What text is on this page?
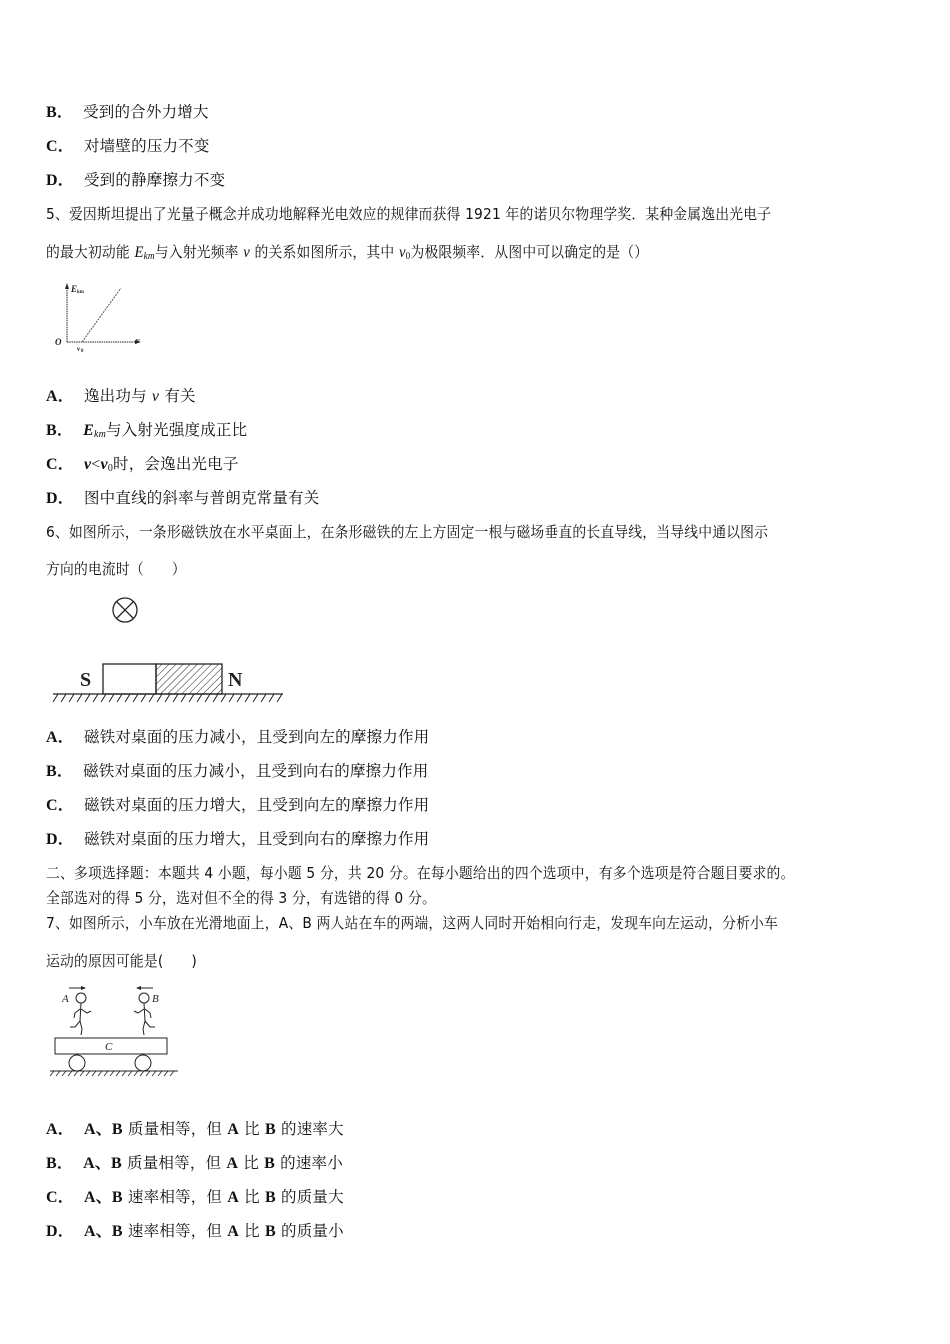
B． 受到的合外力增大
C． 对墙壁的压力不变
D． 受到的静摩擦力不变
5、爱因斯坦提出了光量子概念并成功地解释光电效应的规律而获得 1921 年的诺贝尔物理学奖．某种金属逸出光电子
的最大初动能 $E_{km}$与入射光频率 v 的关系如图所示，其中 v0为极限频率．从图中可以确定的是（）
E km
O
v 0
v
A． 逸出功与 v 有关
B． $E_{km}$与入射光强度成正比
C． v<v0时，会逸出光电子
D． 图中直线的斜率与普朗克常量有关
6、如图所示，一条形磁铁放在水平桌面上，在条形磁铁的左上方固定一根与磁场垂直的长直导线，当导线中通以图示
方向的电流时（　　）
S	N
A． 磁铁对桌面的压力减小，且受到向左的摩擦力作用
B． 磁铁对桌面的压力减小，且受到向右的摩擦力作用
C． 磁铁对桌面的压力增大，且受到向左的摩擦力作用
D． 磁铁对桌面的压力增大，且受到向右的摩擦力作用
二、多项选择题：本题共 4 小题，每小题 5 分，共 20 分。在每小题给出的四个选项中，有多个选项是符合题目要求的。
全部选对的得 5 分，选对但不全的得 3 分，有选错的得 0 分。
7、如图所示，小车放在光滑地面上，A、B 两人站在车的两端，这两人同时开始相向行走，发现车向左运动，分析小车
运动的原因可能是(　　)
A	B
C
A． A、B 质量相等，但 A 比 B 的速率大
B． A、B 质量相等，但 A 比 B 的速率小
C． A、B 速率相等，但 A 比 B 的质量大
D． A、B 速率相等，但 A 比 B 的质量小
